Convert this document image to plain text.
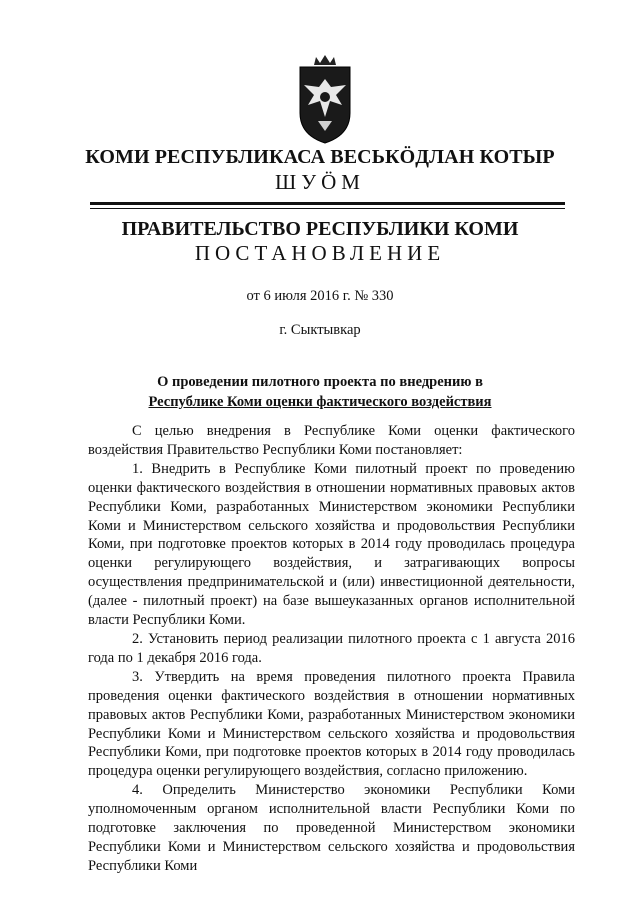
КОМИ РЕСПУБЛИКАСА ВЕСЬКÖДЛАН КОТЫР
ШУÖМ
ПРАВИТЕЛЬСТВО РЕСПУБЛИКИ КОМИ
ПОСТАНОВЛЕНИЕ
от 6 июля 2016 г. № 330
г. Сыктывкар
О проведении пилотного проекта по внедрению в
Республике Коми оценки фактического воздействия

С целью внедрения в Республике Коми оценки фактического воздействия Правительство Республики Коми постановляет:

1. Внедрить в Республике Коми пилотный проект по проведению оценки фактического воздействия в отношении нормативных правовых актов Республики Коми, разработанных Министерством экономики Республики Коми и Министерством сельского хозяйства и продовольствия Республики Коми, при подготовке проектов которых в 2014 году проводилась процедура оценки регулирующего воздействия, и затрагивающих вопросы осуществления предпринимательской и (или) инвестиционной деятельности, (далее - пилотный проект) на базе вышеуказанных органов исполнительной власти Республики Коми.

2. Установить период реализации пилотного проекта с 1 августа 2016 года по 1 декабря 2016 года.

3. Утвердить на время проведения пилотного проекта Правила проведения оценки фактического воздействия в отношении нормативных правовых актов Республики Коми, разработанных Министерством экономики Республики Коми и Министерством сельского хозяйства и продовольствия Республики Коми, при подготовке проектов которых в 2014 году проводилась процедура оценки регулирующего воздействия, согласно приложению.

4. Определить Министерство экономики Республики Коми уполномоченным органом исполнительной власти Республики Коми по подготовке заключения по проведенной Министерством экономики Республики Коми и Министерством сельского хозяйства и продовольствия Республики Коми
